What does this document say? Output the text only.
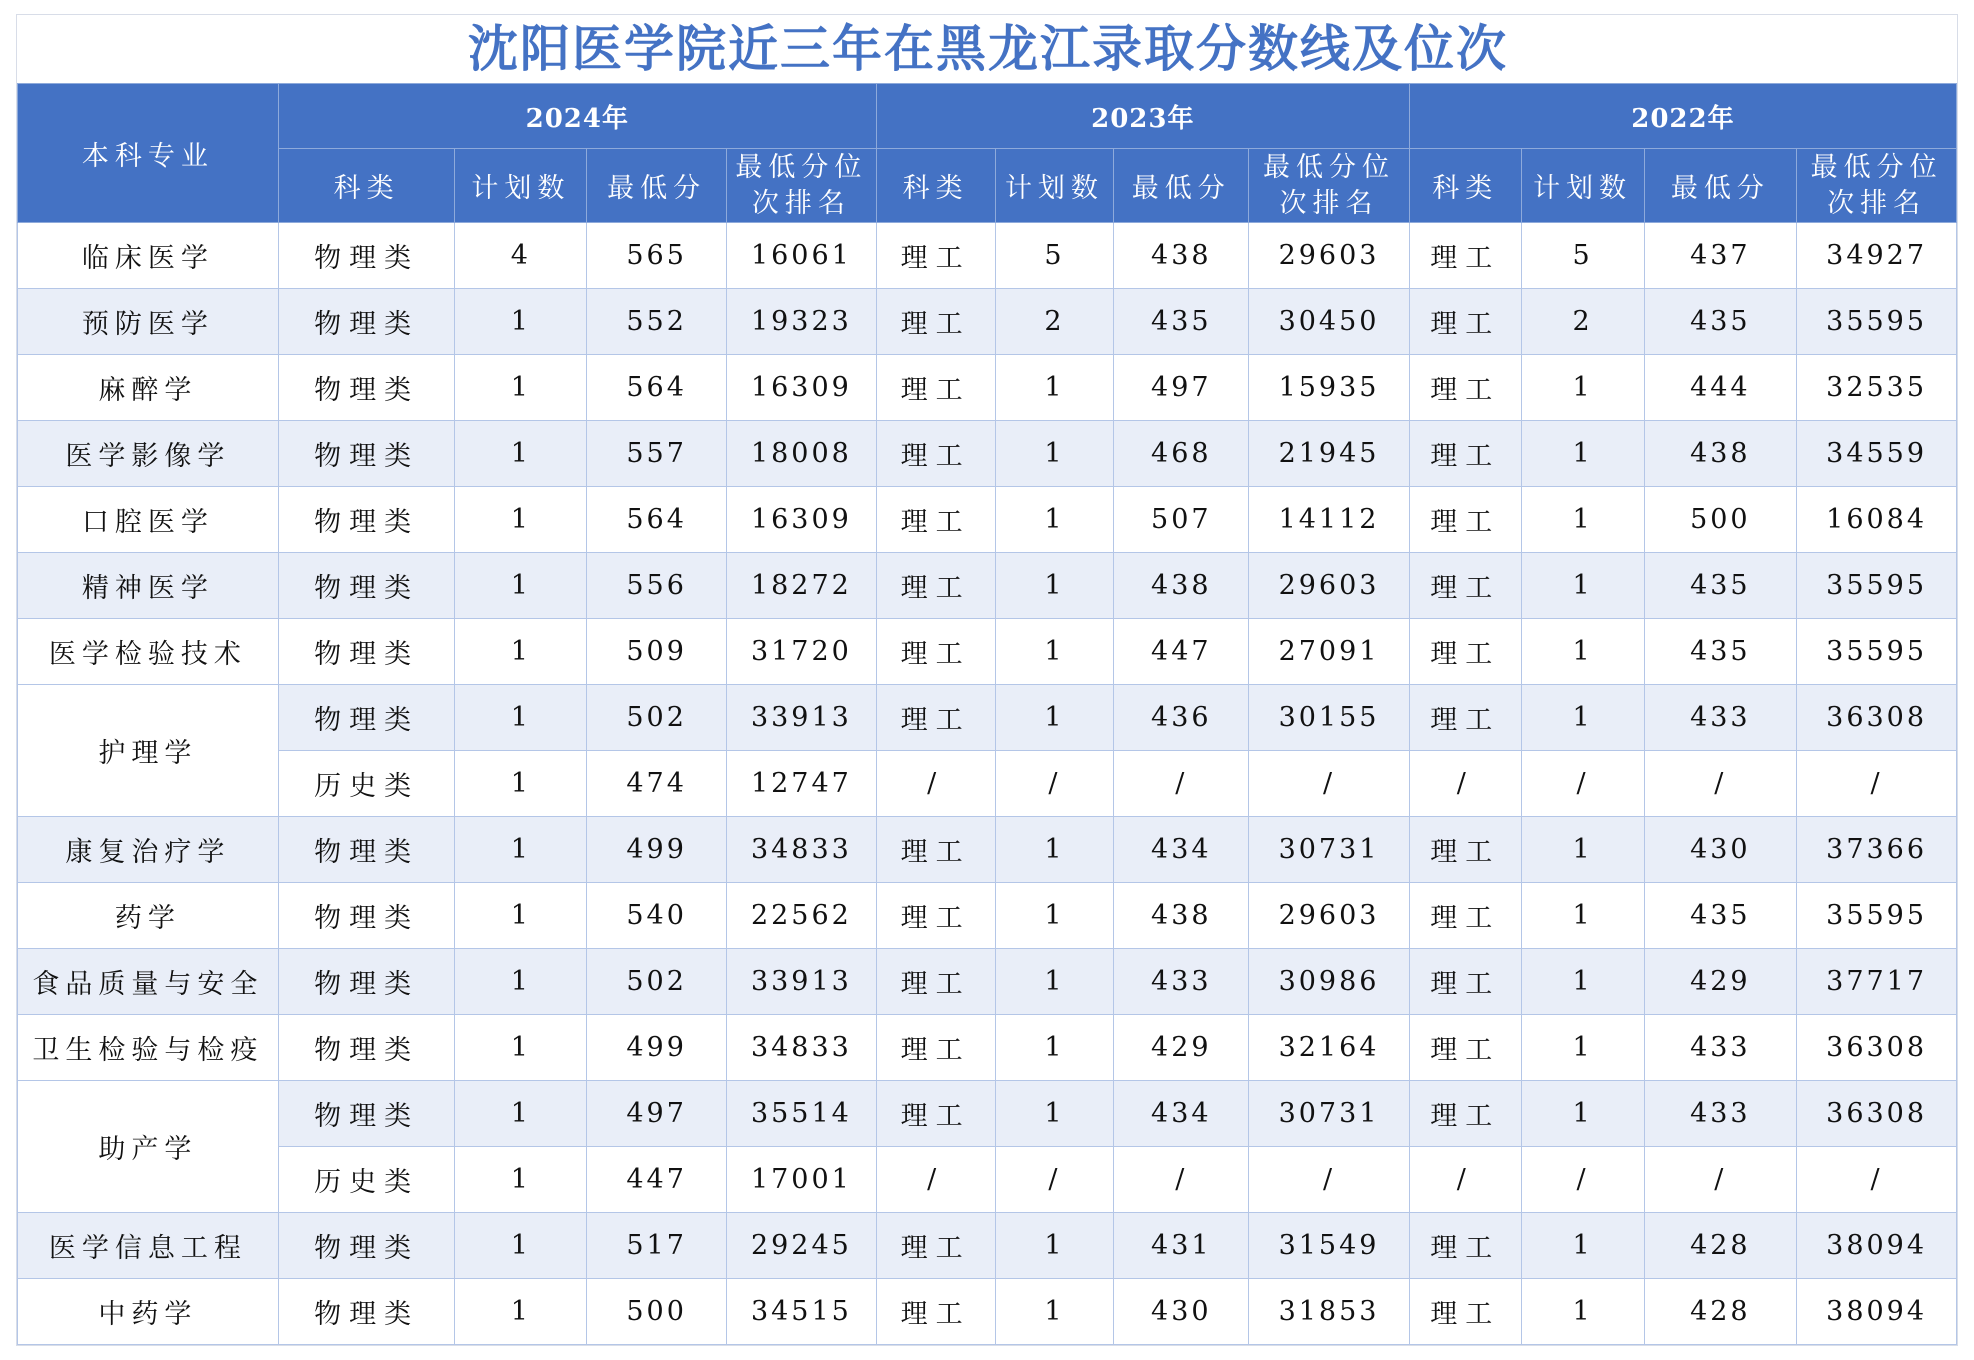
沈阳医学院近三年在黑龙江录取分数线及位次
本科专业	2024年				2023年				2022年			
	科类	计划数	最低分	最低分位次排名	科类	计划数	最低分	最低分位次排名	科类	计划数	最低分	最低分位次排名
临床医学	物理类	4	565	16061	理工	5	438	29603	理工	5	437	34927
预防医学	物理类	1	552	19323	理工	2	435	30450	理工	2	435	35595
麻醉学	物理类	1	564	16309	理工	1	497	15935	理工	1	444	32535
医学影像学	物理类	1	557	18008	理工	1	468	21945	理工	1	438	34559
口腔医学	物理类	1	564	16309	理工	1	507	14112	理工	1	500	16084
精神医学	物理类	1	556	18272	理工	1	438	29603	理工	1	435	35595
医学检验技术	物理类	1	509	31720	理工	1	447	27091	理工	1	435	35595
护理学	物理类	1	502	33913	理工	1	436	30155	理工	1	433	36308
	历史类	1	474	12747	/	/	/	/	/	/	/	/
康复治疗学	物理类	1	499	34833	理工	1	434	30731	理工	1	430	37366
药学	物理类	1	540	22562	理工	1	438	29603	理工	1	435	35595
食品质量与安全	物理类	1	502	33913	理工	1	433	30986	理工	1	429	37717
卫生检验与检疫	物理类	1	499	34833	理工	1	429	32164	理工	1	433	36308
助产学	物理类	1	497	35514	理工	1	434	30731	理工	1	433	36308
	历史类	1	447	17001	/	/	/	/	/	/	/	/
医学信息工程	物理类	1	517	29245	理工	1	431	31549	理工	1	428	38094
中药学	物理类	1	500	34515	理工	1	430	31853	理工	1	428	38094
